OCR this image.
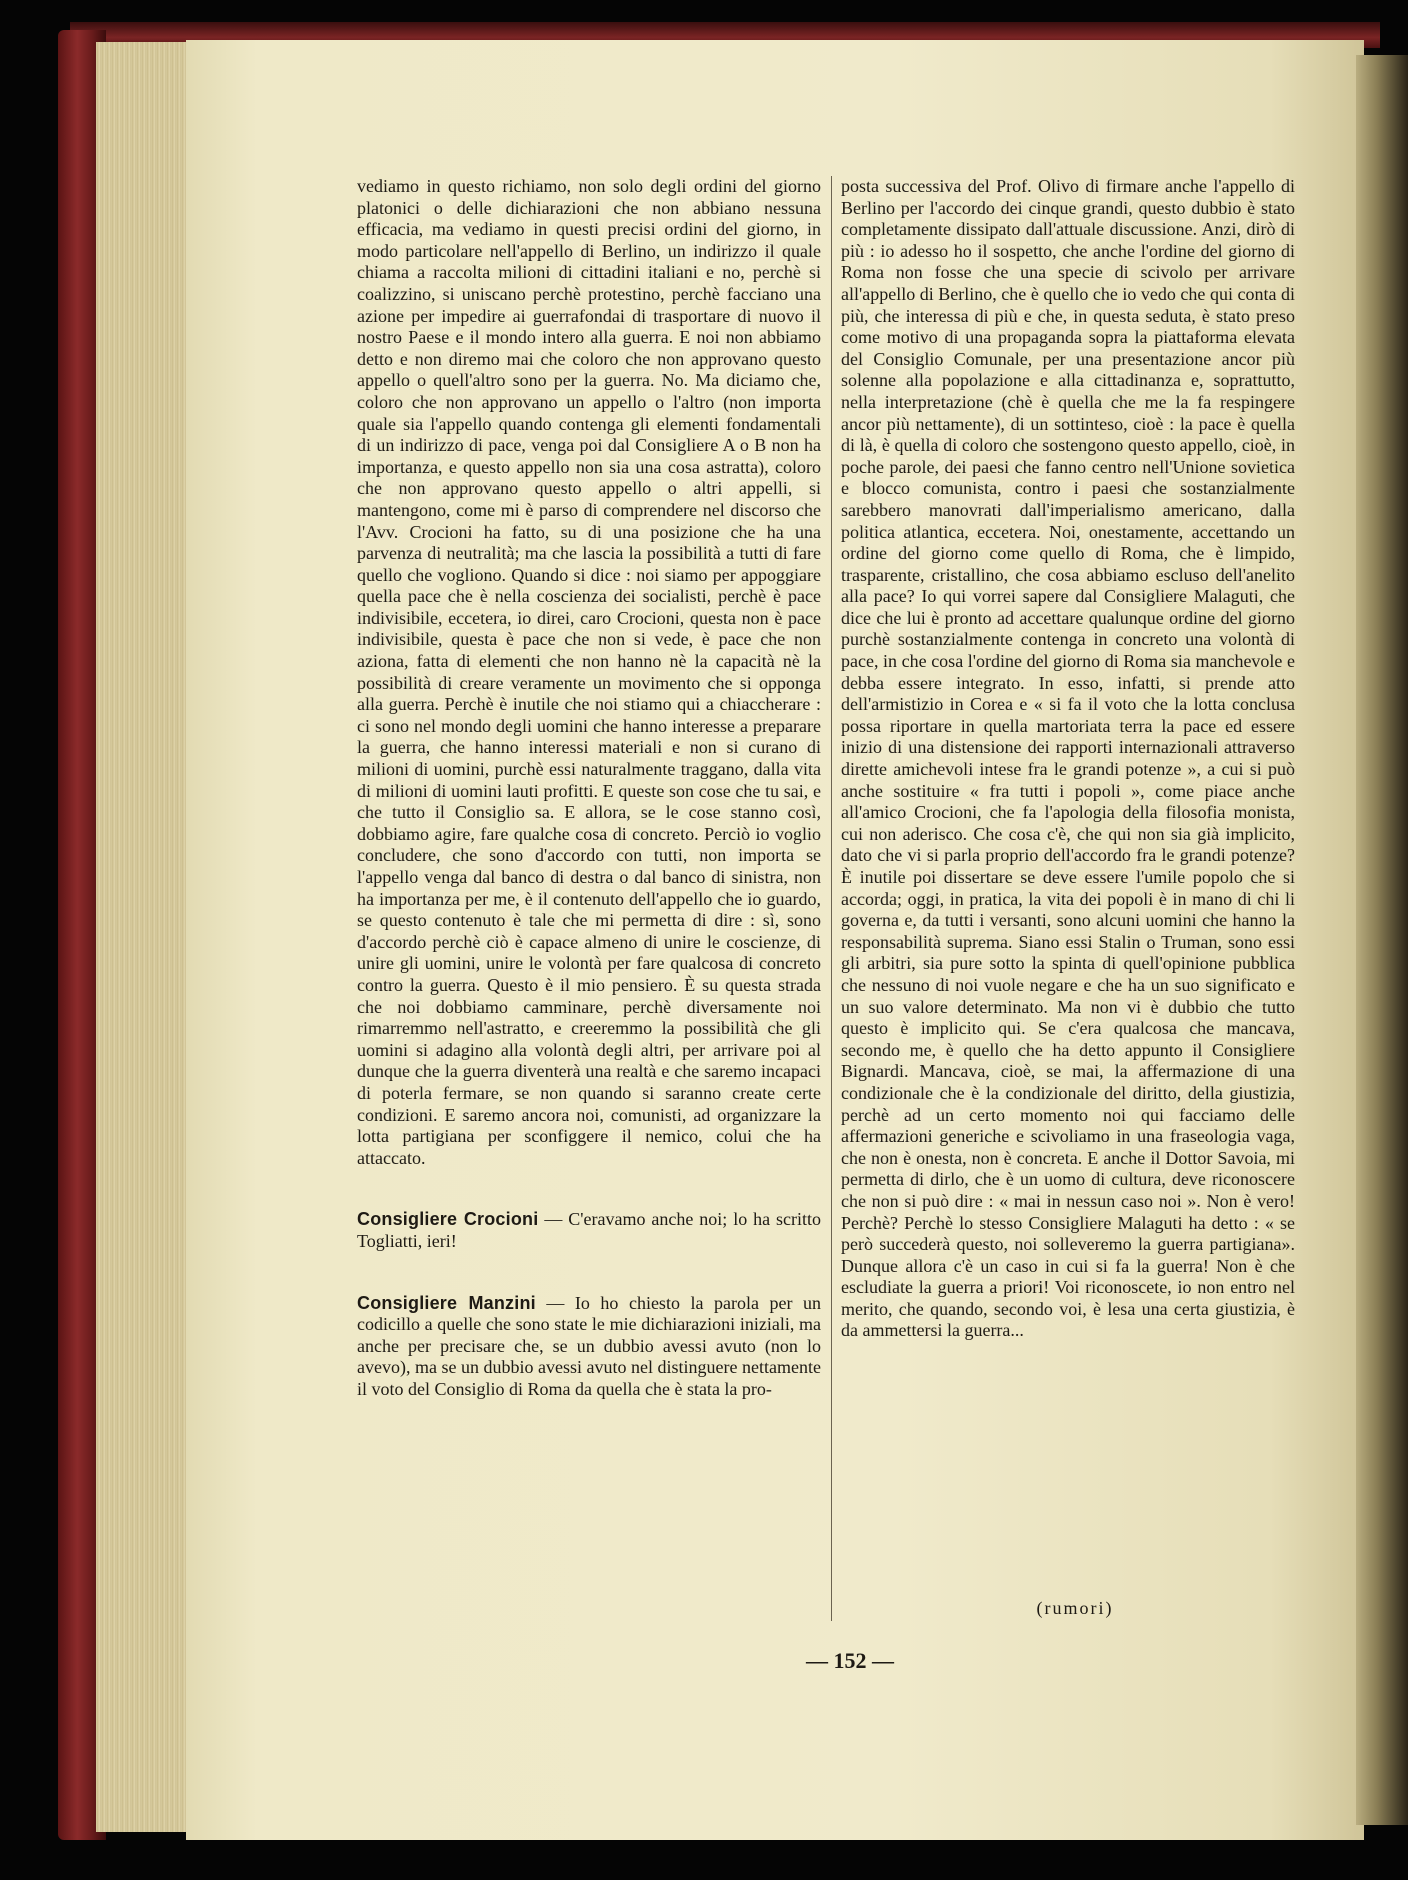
vediamo in questo richiamo, non solo degli ordini del giorno platonici o delle dichiarazioni che non abbiano nessuna efficacia, ma vediamo in questi precisi ordini del giorno, in modo particolare nell'appello di Berlino, un indirizzo il quale chiama a raccolta milioni di cittadini italiani e no, perchè si coalizzino, si uniscano perchè protestino, perchè facciano una azione per impedire ai guerrafondai di trasportare di nuovo il nostro Paese e il mondo intero alla guerra. E noi non abbiamo detto e non diremo mai che coloro che non approvano questo appello o quell'altro sono per la guerra. No. Ma diciamo che, coloro che non approvano un appello o l'altro (non importa quale sia l'appello quando contenga gli elementi fondamentali di un indirizzo di pace, venga poi dal Consigliere A o B non ha importanza, e questo appello non sia una cosa astratta), coloro che non approvano questo appello o altri appelli, si mantengono, come mi è parso di comprendere nel discorso che l'Avv. Crocioni ha fatto, su di una posizione che ha una parvenza di neutralità; ma che lascia la possibilità a tutti di fare quello che vogliono. Quando si dice : noi siamo per appoggiare quella pace che è nella coscienza dei socialisti, perchè è pace indivisibile, eccetera, io direi, caro Crocioni, questa non è pace indivisibile, questa è pace che non si vede, è pace che non aziona, fatta di elementi che non hanno nè la capacità nè la possibilità di creare veramente un movimento che si opponga alla guerra. Perchè è inutile che noi stiamo qui a chiaccherare : ci sono nel mondo degli uomini che hanno interesse a preparare la guerra, che hanno interessi materiali e non si curano di milioni di uomini, purchè essi naturalmente traggano, dalla vita di milioni di uomini lauti profitti. E queste son cose che tu sai, e che tutto il Consiglio sa. E allora, se le cose stanno così, dobbiamo agire, fare qualche cosa di concreto. Perciò io voglio concludere, che sono d'accordo con tutti, non importa se l'appello venga dal banco di destra o dal banco di sinistra, non ha importanza per me, è il contenuto dell'appello che io guardo, se questo contenuto è tale che mi permetta di dire : sì, sono d'accordo perchè ciò è capace almeno di unire le coscienze, di unire gli uomini, unire le volontà per fare qualcosa di concreto contro la guerra. Questo è il mio pensiero. È su questa strada che noi dobbiamo camminare, perchè diversamente noi rimarremmo nell'astratto, e creeremmo la possibilità che gli uomini si adagino alla volontà degli altri, per arrivare poi al dunque che la guerra diventerà una realtà e che saremo incapaci di poterla fermare, se non quando si saranno create certe condizioni. E saremo ancora noi, comunisti, ad organizzare la lotta partigiana per sconfiggere il nemico, colui che ha attaccato.

Consigliere Crocioni — C'eravamo anche noi; lo ha scritto Togliatti, ieri!

Consigliere Manzini — Io ho chiesto la parola per un codicillo a quelle che sono state le mie dichiarazioni iniziali, ma anche per precisare che, se un dubbio avessi avuto (non lo avevo), ma se un dubbio avessi avuto nel distinguere nettamente il voto del Consiglio di Roma da quella che è stata la pro-

posta successiva del Prof. Olivo di firmare anche l'appello di Berlino per l'accordo dei cinque grandi, questo dubbio è stato completamente dissipato dall'attuale discussione. Anzi, dirò di più : io adesso ho il sospetto, che anche l'ordine del giorno di Roma non fosse che una specie di scivolo per arrivare all'appello di Berlino, che è quello che io vedo che qui conta di più, che interessa di più e che, in questa seduta, è stato preso come motivo di una propaganda sopra la piattaforma elevata del Consiglio Comunale, per una presentazione ancor più solenne alla popolazione e alla cittadinanza e, soprattutto, nella interpretazione (chè è quella che me la fa respingere ancor più nettamente), di un sottinteso, cioè : la pace è quella di là, è quella di coloro che sostengono questo appello, cioè, in poche parole, dei paesi che fanno centro nell'Unione sovietica e blocco comunista, contro i paesi che sostanzialmente sarebbero manovrati dall'imperialismo americano, dalla politica atlantica, eccetera. Noi, onestamente, accettando un ordine del giorno come quello di Roma, che è limpido, trasparente, cristallino, che cosa abbiamo escluso dell'anelito alla pace? Io qui vorrei sapere dal Consigliere Malaguti, che dice che lui è pronto ad accettare qualunque ordine del giorno purchè sostanzialmente contenga in concreto una volontà di pace, in che cosa l'ordine del giorno di Roma sia manchevole e debba essere integrato. In esso, infatti, si prende atto dell'armistizio in Corea e « si fa il voto che la lotta conclusa possa riportare in quella martoriata terra la pace ed essere inizio di una distensione dei rapporti internazionali attraverso dirette amichevoli intese fra le grandi potenze », a cui si può anche sostituire « fra tutti i popoli », come piace anche all'amico Crocioni, che fa l'apologia della filosofia monista, cui non aderisco. Che cosa c'è, che qui non sia già implicito, dato che vi si parla proprio dell'accordo fra le grandi potenze? È inutile poi dissertare se deve essere l'umile popolo che si accorda; oggi, in pratica, la vita dei popoli è in mano di chi li governa e, da tutti i versanti, sono alcuni uomini che hanno la responsabilità suprema. Siano essi Stalin o Truman, sono essi gli arbitri, sia pure sotto la spinta di quell'opinione pubblica che nessuno di noi vuole negare e che ha un suo significato e un suo valore determinato. Ma non vi è dubbio che tutto questo è implicito qui. Se c'era qualcosa che mancava, secondo me, è quello che ha detto appunto il Consigliere Bignardi. Mancava, cioè, se mai, la affermazione di una condizionale che è la condizionale del diritto, della giustizia, perchè ad un certo momento noi qui facciamo delle affermazioni generiche e scivoliamo in una fraseologia vaga, che non è onesta, non è concreta. E anche il Dottor Savoia, mi permetta di dirlo, che è un uomo di cultura, deve riconoscere che non si può dire : « mai in nessun caso noi ». Non è vero! Perchè? Perchè lo stesso Consigliere Malaguti ha detto : « se però succederà questo, noi solleveremo la guerra partigiana». Dunque allora c'è un caso in cui si fa la guerra! Non è che escludiate la guerra a priori! Voi riconoscete, io non entro nel merito, che quando, secondo voi, è lesa una certa giustizia, è da ammettersi la guerra...

(rumori)
— 152 —
